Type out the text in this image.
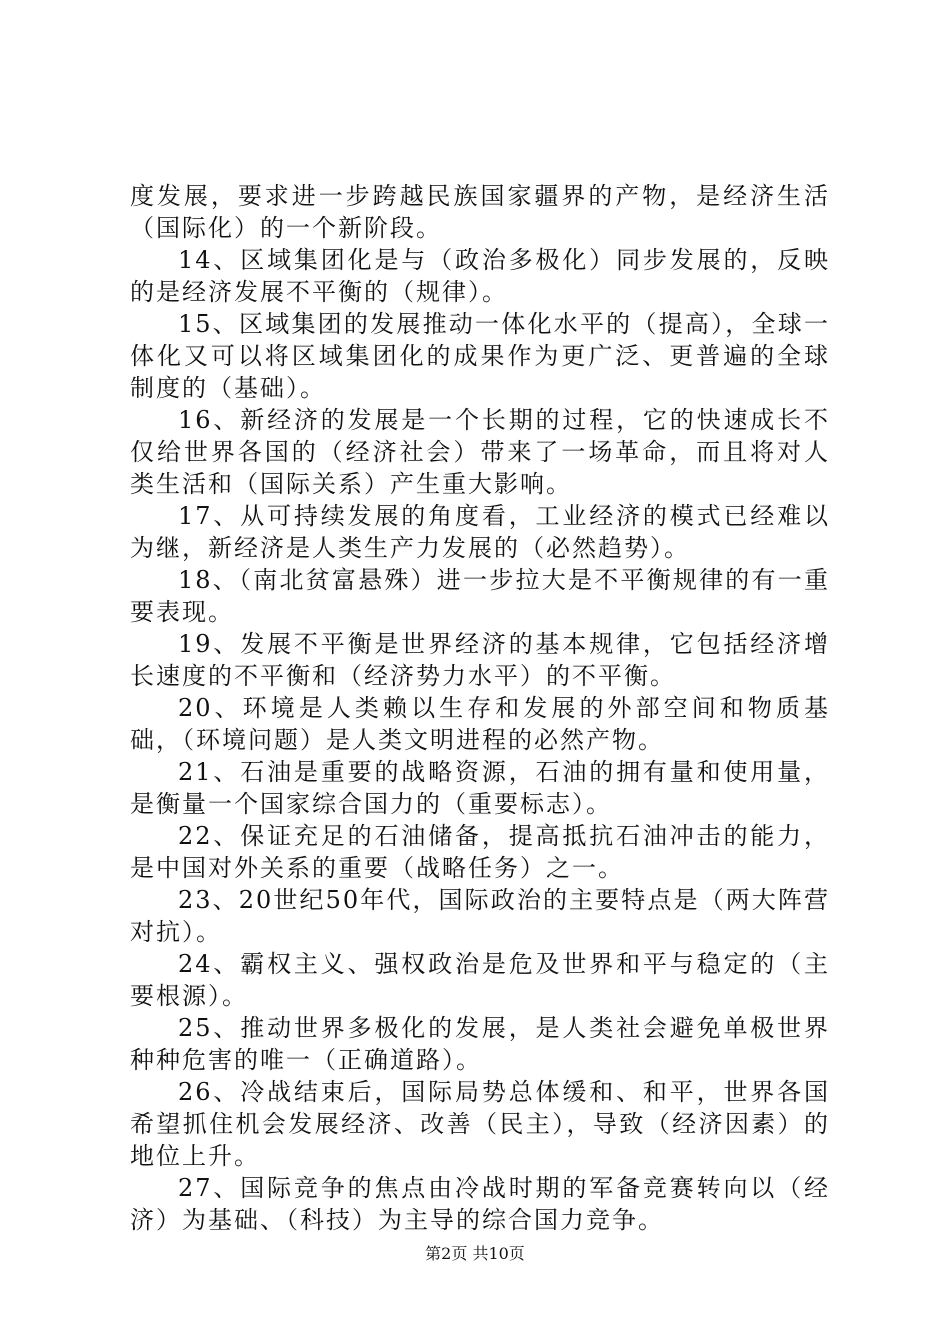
度发展，要求进一步跨越民族国家疆界的产物，是经济生活（国际化）的一个新阶段。

14、区域集团化是与（政治多极化）同步发展的，反映的是经济发展不平衡的（规律）。

15、区域集团的发展推动一体化水平的（提高），全球一体化又可以将区域集团化的成果作为更广泛、更普遍的全球制度的（基础）。

16、新经济的发展是一个长期的过程，它的快速成长不仅给世界各国的（经济社会）带来了一场革命，而且将对人类生活和（国际关系）产生重大影响。

17、从可持续发展的角度看，工业经济的模式已经难以为继，新经济是人类生产力发展的（必然趋势）。

18、（南北贫富悬殊）进一步拉大是不平衡规律的有一重要表现。

19、发展不平衡是世界经济的基本规律，它包括经济增长速度的不平衡和（经济势力水平）的不平衡。

20、环境是人类赖以生存和发展的外部空间和物质基础，（环境问题）是人类文明进程的必然产物。

21、石油是重要的战略资源，石油的拥有量和使用量，是衡量一个国家综合国力的（重要标志）。

22、保证充足的石油储备，提高抵抗石油冲击的能力，是中国对外关系的重要（战略任务）之一。

23、20世纪50年代，国际政治的主要特点是（两大阵营对抗）。

24、霸权主义、强权政治是危及世界和平与稳定的（主要根源）。

25、推动世界多极化的发展，是人类社会避免单极世界种种危害的唯一（正确道路）。

26、冷战结束后，国际局势总体缓和、和平，世界各国希望抓住机会发展经济、改善（民主），导致（经济因素）的地位上升。

27、国际竞争的焦点由冷战时期的军备竞赛转向以（经济）为基础、（科技）为主导的综合国力竞争。

第2页 共10页
